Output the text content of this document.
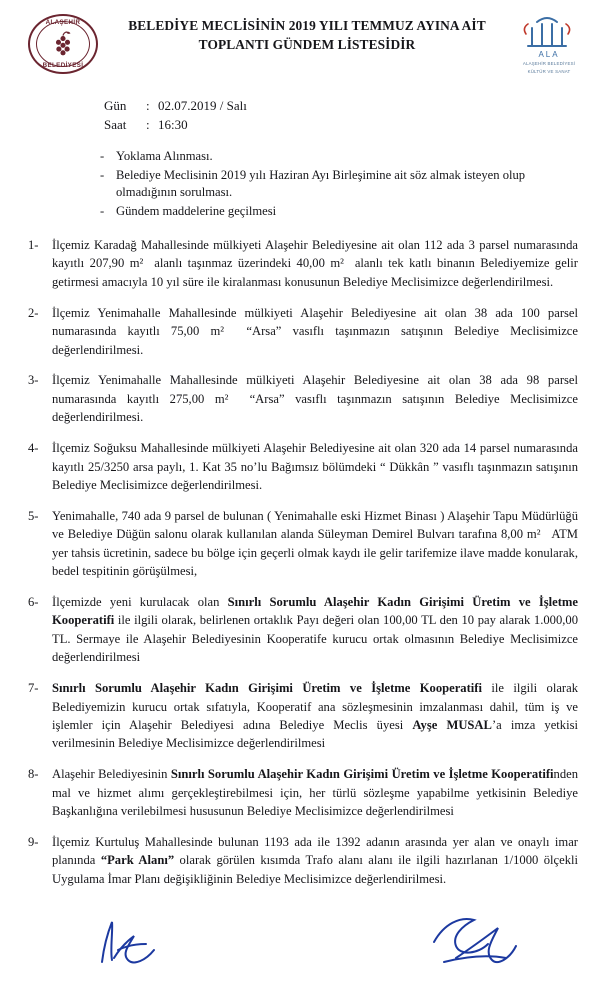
ALAŞEHİR
BELEDİYESİ
BELEDİYE MECLİSİNİN 2019 YILI TEMMUZ AYINA AİT
TOPLANTI GÜNDEM LİSTESİDİR
ALA
ALAŞEHİR BELEDİYESİ
KÜLTÜR VE SANAT
Gün	: 02.07.2019 / Salı
Saat	: 16:30
- Yoklama Alınması.
- Belediye Meclisinin 2019 yılı Haziran Ayı Birleşimine ait söz almak isteyen olup olmadığının sorulması.
- Gündem maddelerine geçilmesi
1-	İlçemiz Karadağ Mahallesinde mülkiyeti Alaşehir Belediyesine ait olan 112 ada 3 parsel numarasında kayıtlı 207,90 m²  alanlı taşınmaz üzerindeki 40,00 m²  alanlı tek katlı binanın Belediyemize gelir getirmesi amacıyla 10 yıl süre ile kiralanması konusunun Belediye Meclisimizce değerlendirilmesi.
2-	İlçemiz Yenimahalle Mahallesinde mülkiyeti Alaşehir Belediyesine ait olan 38 ada 100 parsel numarasında kayıtlı 75,00 m²  “Arsa” vasıflı taşınmazın satışının Belediye Meclisimizce değerlendirilmesi.
3-	İlçemiz Yenimahalle Mahallesinde mülkiyeti Alaşehir Belediyesine ait olan 38 ada 98 parsel numarasında kayıtlı 275,00 m²  “Arsa” vasıflı taşınmazın satışının Belediye Meclisimizce değerlendirilmesi.
4-	İlçemiz Soğuksu Mahallesinde mülkiyeti Alaşehir Belediyesine ait olan 320 ada 14 parsel numarasında kayıtlı 25/3250 arsa paylı, 1. Kat 35 no’lu Bağımsız bölümdeki “ Dükkân ” vasıflı taşınmazın satışının Belediye Meclisimizce değerlendirilmesi.
5-	Yenimahalle, 740 ada 9 parsel de bulunan ( Yenimahalle eski Hizmet Binası ) Alaşehir Tapu Müdürlüğü ve Belediye Düğün salonu olarak kullanılan alanda Süleyman Demirel Bulvarı tarafına 8,00 m²   ATM yer tahsis ücretinin, sadece bu bölge için geçerli olmak kaydı ile gelir tarifemize ilave madde konularak, bedel tespitinin görüşülmesi,
6-	İlçemizde yeni kurulacak olan Sınırlı Sorumlu Alaşehir Kadın Girişimi Üretim ve İşletme Kooperatifi ile ilgili olarak, belirlenen ortaklık Payı değeri olan 100,00 TL den 10 pay alarak 1.000,00 TL. Sermaye ile Alaşehir Belediyesinin Kooperatife kurucu ortak olmasının Belediye Meclisimizce değerlendirilmesi
7-	Sınırlı Sorumlu Alaşehir Kadın Girişimi Üretim ve İşletme Kooperatifi ile ilgili olarak Belediyemizin kurucu ortak sıfatıyla, Kooperatif ana sözleşmesinin imzalanması dahil, tüm iş ve işlemler için Alaşehir Belediyesi adına Belediye Meclis üyesi Ayşe MUSAL’a imza yetkisi verilmesinin Belediye Meclisimizce değerlendirilmesi
8-	Alaşehir Belediyesinin Sınırlı Sorumlu Alaşehir Kadın Girişimi Üretim ve İşletme Kooperatifinden mal ve hizmet alımı gerçekleştirebilmesi için, her türlü sözleşme yapabilme yetkisinin Belediye Başkanlığına verilebilmesi hususunun Belediye Meclisimizce değerlendirilmesi
9-	İlçemiz Kurtuluş Mahallesinde bulunan 1193 ada ile 1392 adanın arasında yer alan ve onaylı imar planında “Park Alanı” olarak görülen kısımda Trafo alanı alanı ile ilgili hazırlanan 1/1000 ölçekli Uygulama İmar Planı değişikliğinin Belediye Meclisimizce değerlendirilmesi.
